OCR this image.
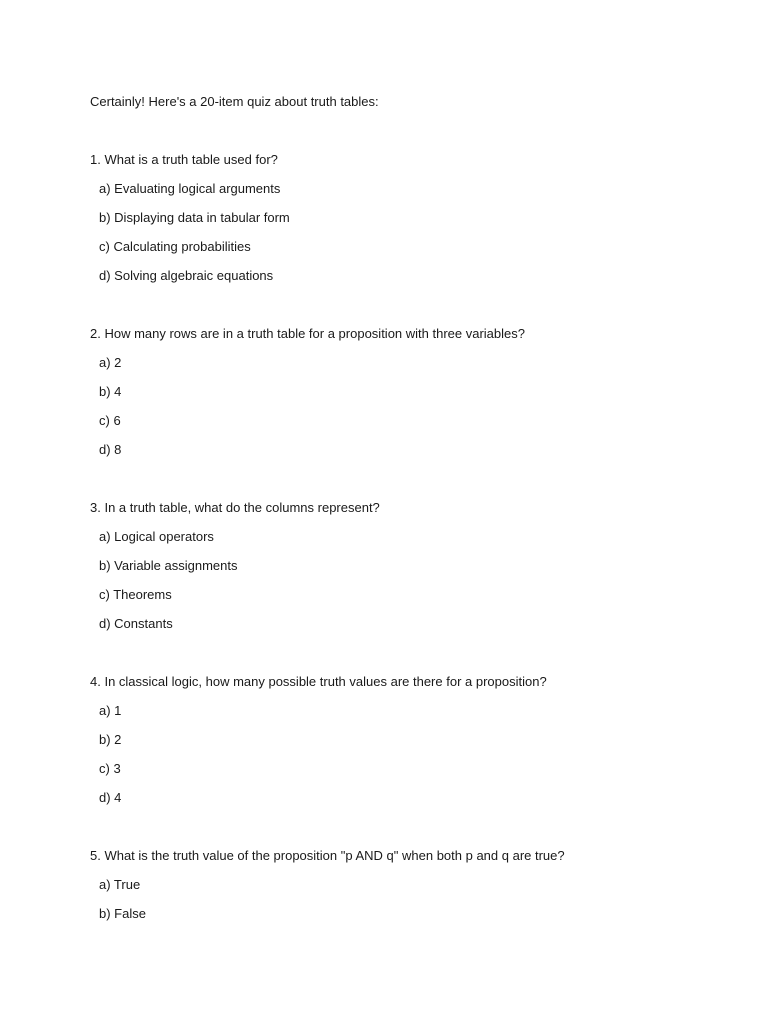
Certainly! Here's a 20-item quiz about truth tables:

1. What is a truth table used for?

a) Evaluating logical arguments

b) Displaying data in tabular form

c) Calculating probabilities

d) Solving algebraic equations

2. How many rows are in a truth table for a proposition with three variables?

a) 2

b) 4

c) 6

d) 8

3. In a truth table, what do the columns represent?

a) Logical operators

b) Variable assignments

c) Theorems

d) Constants

4. In classical logic, how many possible truth values are there for a proposition?

a) 1

b) 2

c) 3

d) 4

5. What is the truth value of the proposition "p AND q" when both p and q are true?

a) True

b) False
